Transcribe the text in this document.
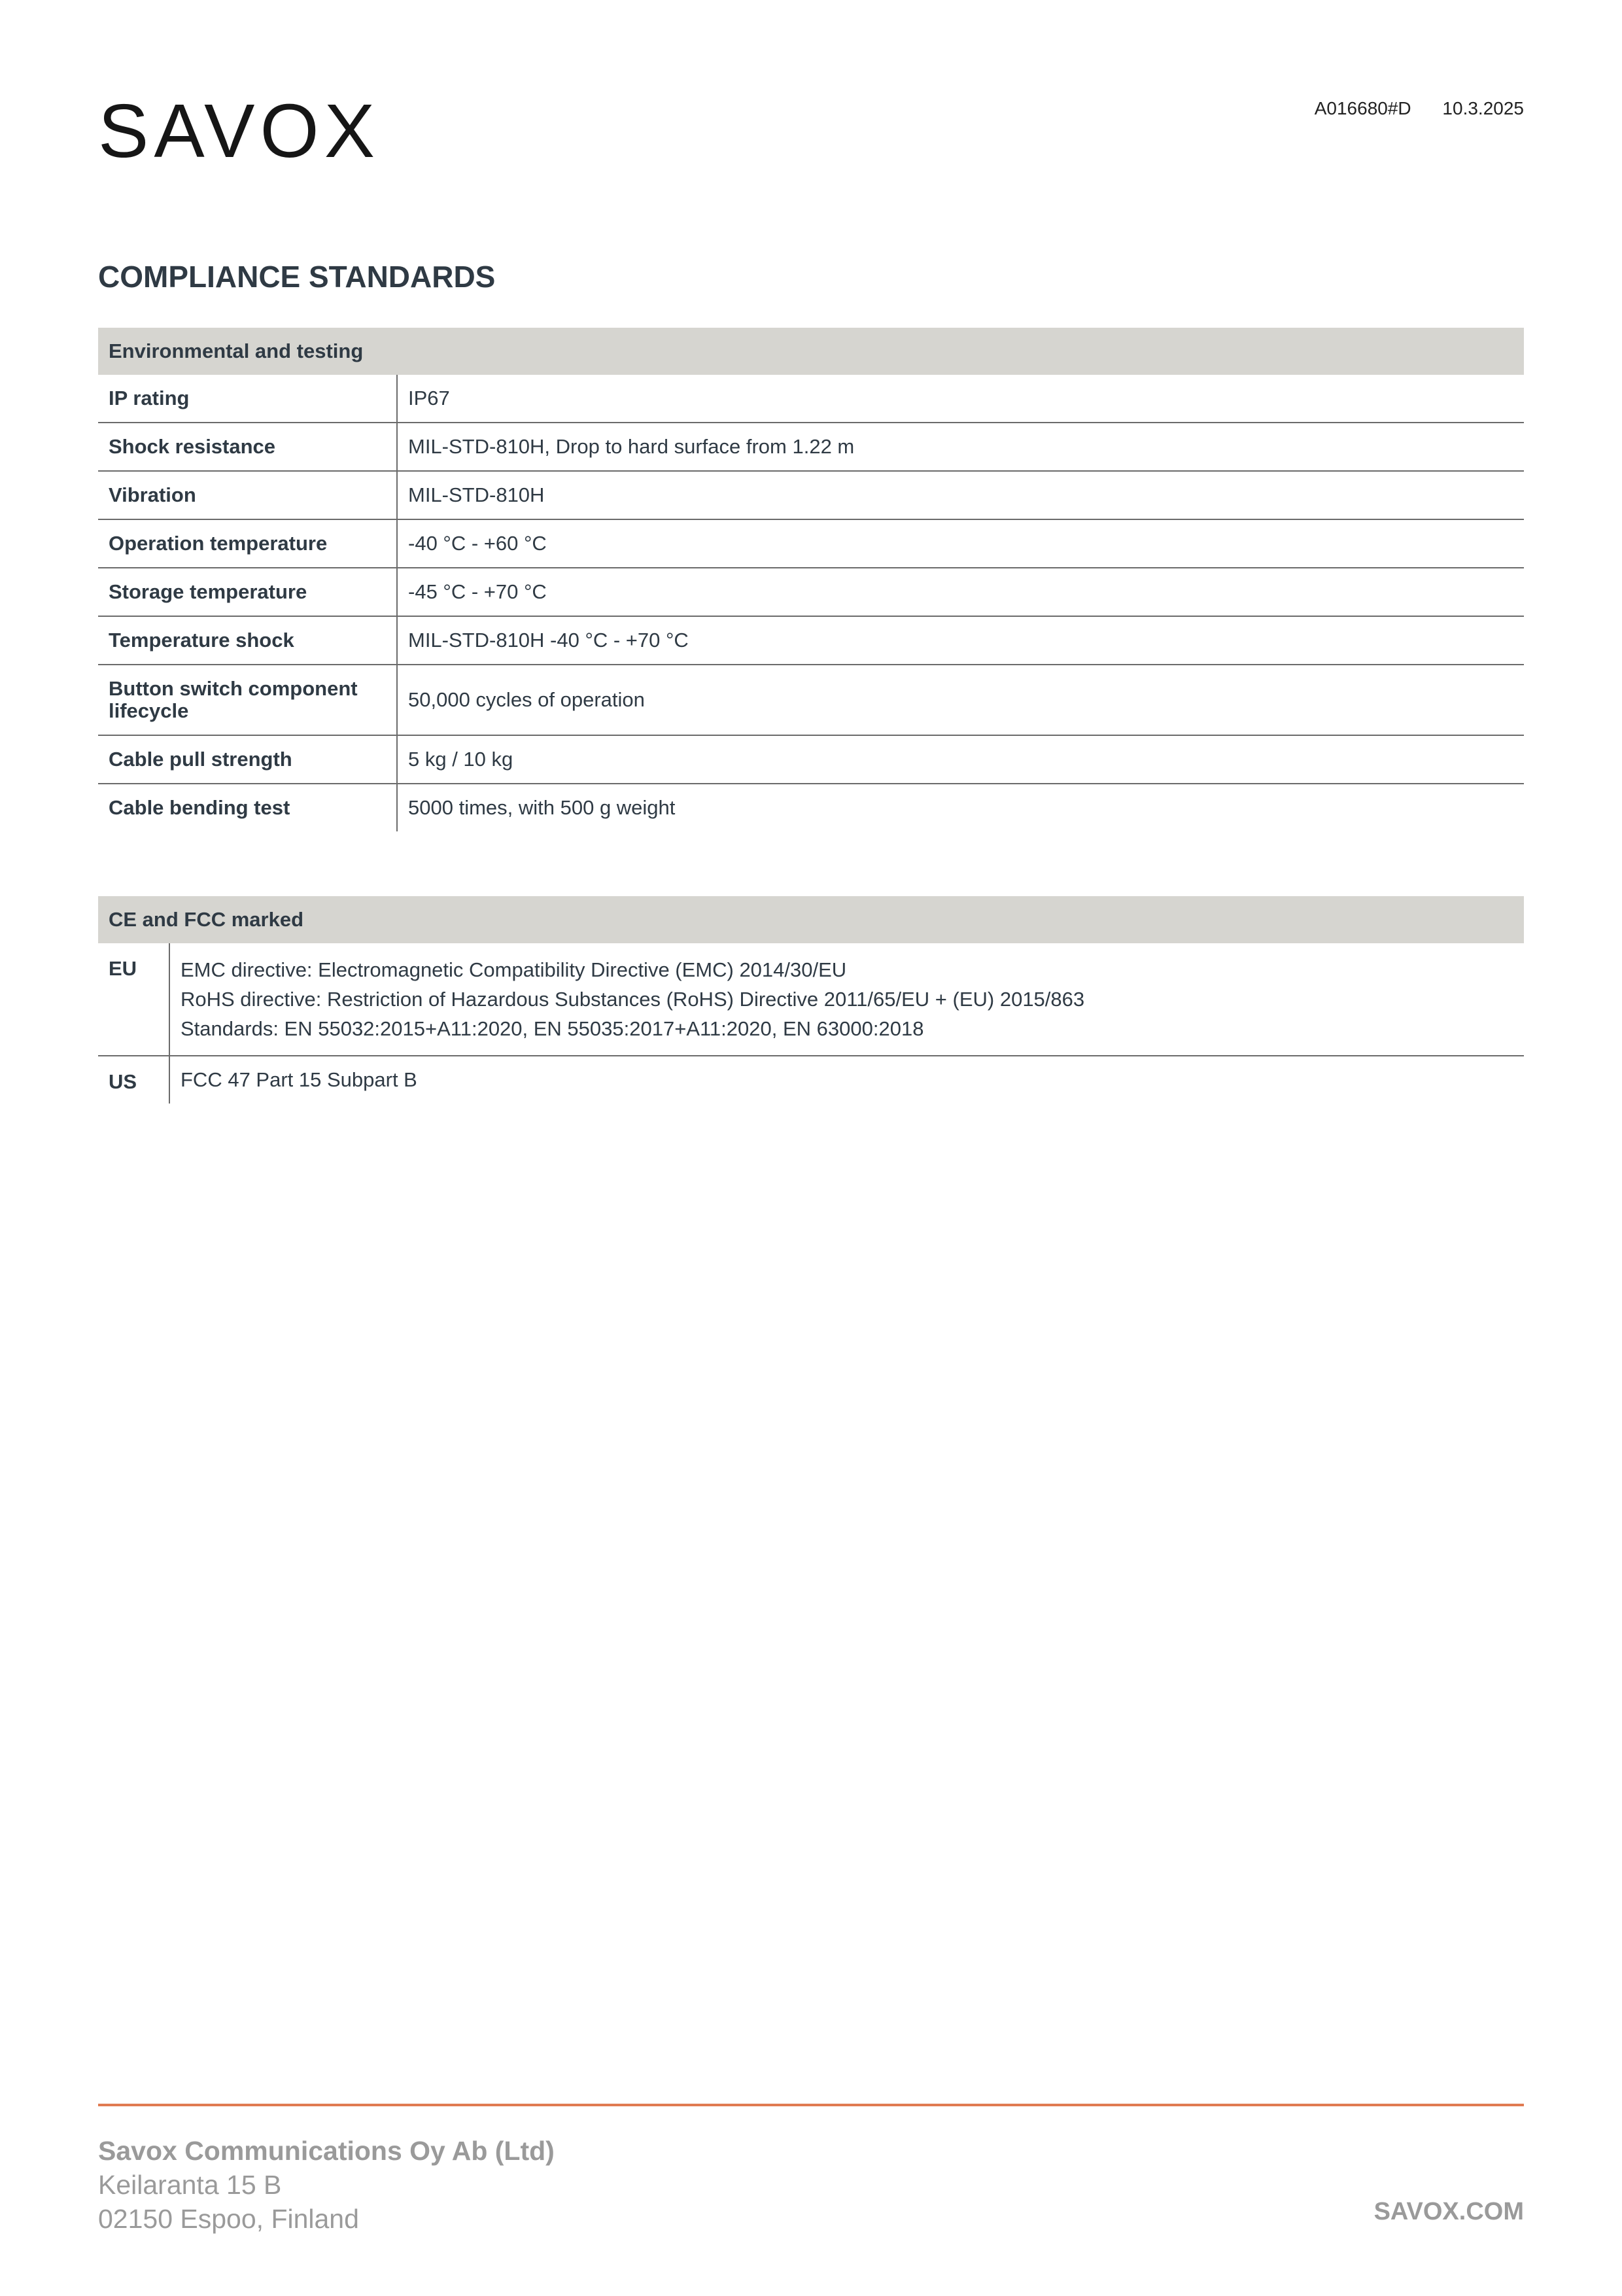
SAVOX	A016680#D 10.3.2025
COMPLIANCE STANDARDS
Environmental and testing	
IP rating	IP67
Shock resistance	MIL-STD-810H, Drop to hard surface from 1.22 m
Vibration	MIL-STD-810H
Operation temperature	-40 °C - +60 °C
Storage temperature	-45 °C - +70 °C
Temperature shock	MIL-STD-810H -40 °C - +70 °C

Button switch component
lifecycle	50,000 cycles of operation
Cable pull strength	5 kg / 10 kg
Cable bending test	5000 times, with 500 g weight
CE and FCC marked	
EU	EMC directive: Electromagnetic Compatibility Directive (EMC) 2014/30/EU
RoHS directive: Restriction of Hazardous Substances (RoHS) Directive 2011/65/EU + (EU) 2015/863
Standards: EN 55032:2015+A11:2020, EN 55035:2017+A11:2020, EN 63000:2018

US	FCC 47 Part 15 Subpart B
Savox Communications Oy Ab (Ltd)
Keilaranta 15 B
02150 Espoo, Finland	SAVOX.COM
